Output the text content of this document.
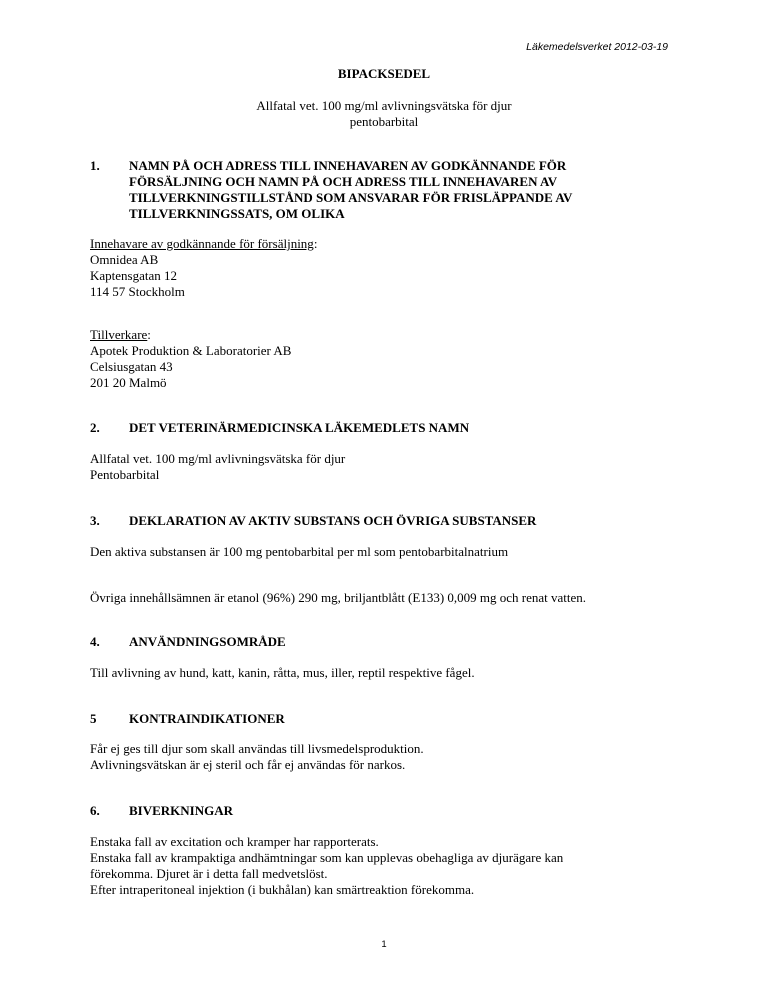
Läkemedelsverket 2012-03-19
BIPACKSEDEL
Allfatal vet. 100 mg/ml avlivningsvätska för djur
pentobarbital
1. NAMN PÅ OCH ADRESS TILL INNEHAVAREN AV GODKÄNNANDE FÖR
FÖRSÄLJNING OCH NAMN PÅ OCH ADRESS TILL INNEHAVAREN AV
TILLVERKNINGSTILLSTÅND SOM ANSVARAR FÖR FRISLÄPPANDE AV
TILLVERKNINGSSATS, OM OLIKA
Innehavare av godkännande för försäljning:
Omnidea AB
Kaptensgatan 12
114 57 Stockholm
Tillverkare:
Apotek Produktion & Laboratorier AB
Celsiusgatan 43
201 20 Malmö
2. DET VETERINÄRMEDICINSKA LÄKEMEDLETS NAMN
Allfatal vet. 100 mg/ml avlivningsvätska för djur
Pentobarbital
3. DEKLARATION AV AKTIV SUBSTANS OCH ÖVRIGA SUBSTANSER
Den aktiva substansen är 100 mg pentobarbital per ml som pentobarbitalnatrium
Övriga innehållsämnen är etanol (96%) 290 mg, briljantblått (E133) 0,009 mg och renat vatten.
4. ANVÄNDNINGSOMRÅDE
Till avlivning av hund, katt, kanin, råtta, mus, iller, reptil respektive fågel.
5	KONTRAINDIKATIONER
Får ej ges till djur som skall användas till livsmedelsproduktion.
Avlivningsvätskan är ej steril och får ej användas för narkos.
6. BIVERKNINGAR
Enstaka fall av excitation och kramper har rapporterats.
Enstaka fall av krampaktiga andhämtningar som kan upplevas obehagliga av djurägare kan
förekomma. Djuret är i detta fall medvetslöst.
Efter intraperitoneal injektion (i bukhålan) kan smärtreaktion förekomma.
1
